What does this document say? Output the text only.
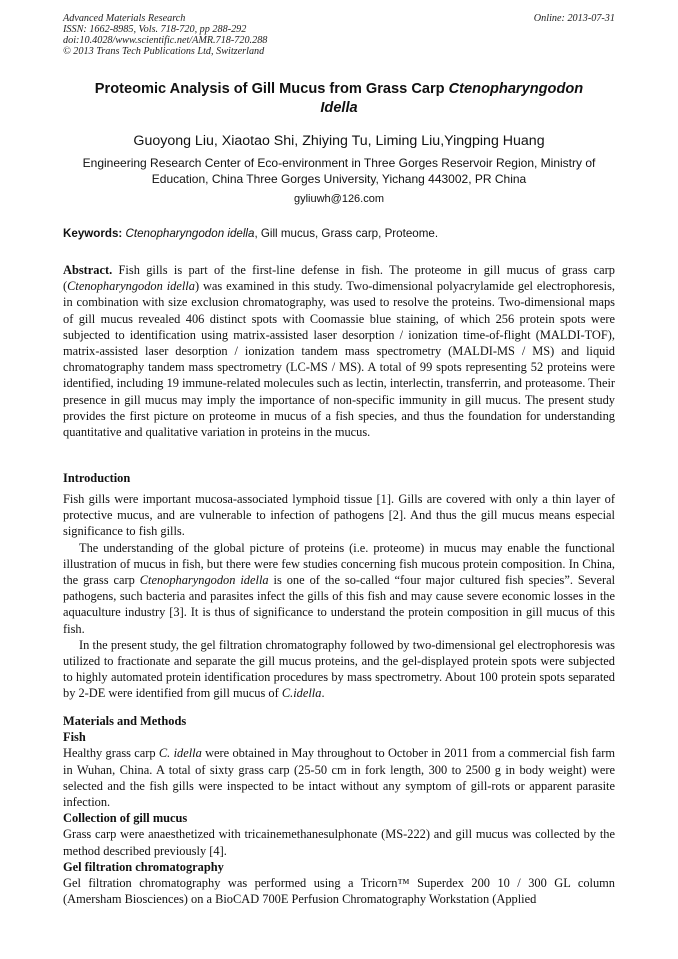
Advanced Materials Research
ISSN: 1662-8985, Vols. 718-720, pp 288-292
doi:10.4028/www.scientific.net/AMR.718-720.288
© 2013 Trans Tech Publications Ltd, Switzerland
Online: 2013-07-31
Proteomic Analysis of Gill Mucus from Grass Carp Ctenopharyngodon
Idella
Guoyong Liu, Xiaotao Shi, Zhiying Tu, Liming Liu,Yingping Huang
Engineering Research Center of Eco-environment in Three Gorges Reservoir Region, Ministry of Education, China Three Gorges University, Yichang 443002, PR China
gyliuwh@126.com
Keywords: Ctenopharyngodon idella, Gill mucus, Grass carp, Proteome.
Abstract. Fish gills is part of the first-line defense in fish. The proteome in gill mucus of grass carp (Ctenopharyngodon idella) was examined in this study. Two-dimensional polyacrylamide gel electrophoresis, in combination with size exclusion chromatography, was used to resolve the proteins. Two-dimensional maps of gill mucus revealed 406 distinct spots with Coomassie blue staining, of which 256 protein spots were subjected to identification using matrix-assisted laser desorption / ionization time-of-flight (MALDI-TOF), matrix-assisted laser desorption / ionization tandem mass spectrometry (MALDI-MS / MS) and liquid chromatography tandem mass spectrometry (LC-MS / MS). A total of 99 spots representing 52 proteins were identified, including 19 immune-related molecules such as lectin, interlectin, transferrin, and proteasome. Their presence in gill mucus may imply the importance of non-specific immunity in gill mucus. The present study provides the first picture on proteome in mucus of a fish species, and thus the foundation for understanding quantitative and qualitative variation in proteins in the mucus.
Introduction

Fish gills were important mucosa-associated lymphoid tissue [1]. Gills are covered with only a thin layer of protective mucus, and are vulnerable to infection of pathogens [2]. And thus the gill mucus means especial significance to fish gills.

The understanding of the global picture of proteins (i.e. proteome) in mucus may enable the functional illustration of mucus in fish, but there were few studies concerning fish mucous protein composition. In China, the grass carp Ctenopharyngodon idella is one of the so-called “four major cultured fish species”. Several pathogens, such bacteria and parasites infect the gills of this fish and may cause severe economic losses in the aquaculture industry [3]. It is thus of significance to understand the protein composition in gill mucus of this fish.

In the present study, the gel filtration chromatography followed by two-dimensional gel electrophoresis was utilized to fractionate and separate the gill mucus proteins, and the gel-displayed protein spots were subjected to highly automated protein identification procedures by mass spectrometry. About 100 protein spots separated by 2-DE were identified from gill mucus of C.idella.

Materials and Methods

Fish

Healthy grass carp C. idella were obtained in May throughout to October in 2011 from a commercial fish farm in Wuhan, China. A total of sixty grass carp (25-50 cm in fork length, 300 to 2500 g in body weight) were selected and the fish gills were inspected to be intact without any symptom of gill-rots or apparent parasite infection.

Collection of gill mucus

Grass carp were anaesthetized with tricainemethanesulphonate (MS-222) and gill mucus was collected by the method described previously [4].

Gel filtration chromatography

Gel filtration chromatography was performed using a Tricorn™ Superdex 200 10 / 300 GL column (Amersham Biosciences) on a BioCAD 700E Perfusion Chromatography Workstation (Applied
